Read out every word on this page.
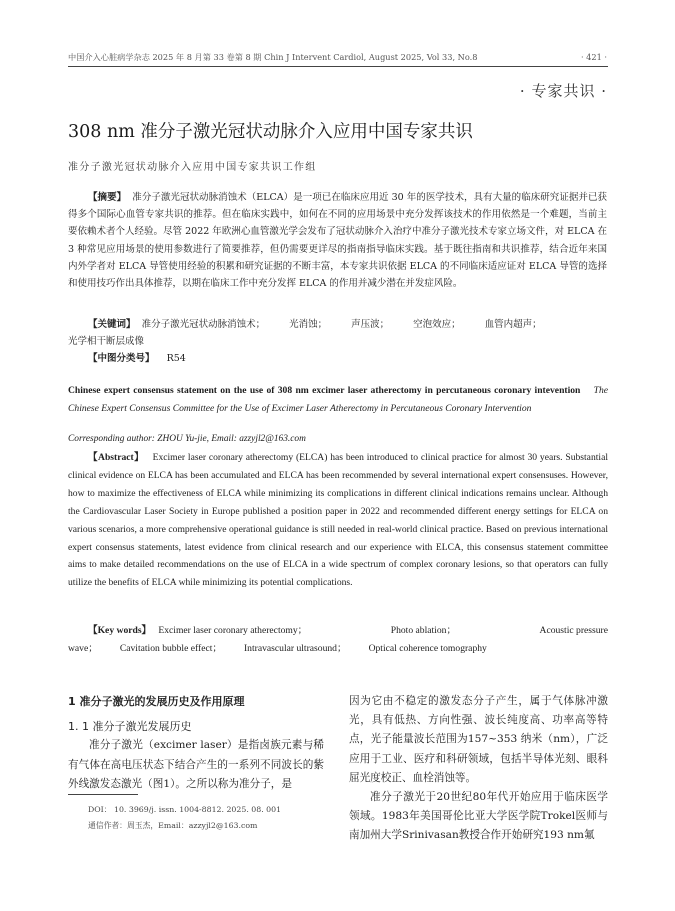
中国介入心脏病学杂志 2025 年 8 月第 33 卷第 8 期 Chin J Intervent Cardiol, August 2025, Vol 33, No.8	· 421 ·
· 专家共识 ·
308 nm 准分子激光冠状动脉介入应用中国专家共识
准分子激光冠状动脉介入应用中国专家共识工作组
【摘要】 准分子激光冠状动脉消蚀术（ELCA）是一项已在临床应用近 30 年的医学技术，具有大量的临床研究证据并已获得多个国际心血管专家共识的推荐。但在临床实践中，如何在不同的应用场景中充分发挥该技术的作用依然是一个难题，当前主要依赖术者个人经验。尽管 2022 年欧洲心血管激光学会发布了冠状动脉介入治疗中准分子激光技术专家立场文件，对 ELCA 在 3 种常见应用场景的使用参数进行了简要推荐，但仍需要更详尽的指南指导临床实践。基于既往指南和共识推荐，结合近年来国内外学者对 ELCA 导管使用经验的积累和研究证据的不断丰富，本专家共识依据 ELCA 的不同临床适应证对 ELCA 导管的选择和使用技巧作出具体推荐，以期在临床工作中充分发挥 ELCA 的作用并减少潜在并发症风险。
【关键词】 准分子激光冠状动脉消蚀术；	光消蚀；	声压波；	空泡效应；	血管内超声；
光学相干断层成像
【中图分类号】 R54
Chinese expert consensus statement on the use of 308 nm excimer laser atherectomy in percutaneous coronary intevention The Chinese Expert Consensus Committee for the Use of Excimer Laser Atherectomy in Percutaneous Coronary Intervention
Corresponding author: ZHOU Yu-jie, Email: azzyjl2@163.com
【Abstract】 Excimer laser coronary atherectomy (ELCA) has been introduced to clinical practice for almost 30 years. Substantial clinical evidence on ELCA has been accumulated and ELCA has been recommended by several international expert consensuses. However, how to maximize the effectiveness of ELCA while minimizing its complications in different clinical indications remains unclear. Although the Cardiovascular Laser Society in Europe published a position paper in 2022 and recommended different energy settings for ELCA on various scenarios, a more comprehensive operational guidance is still needed in real-world clinical practice. Based on previous international expert consensus statements, latest evidence from clinical research and our experience with ELCA, this consensus statement committee aims to make detailed recommendations on the use of ELCA in a wide spectrum of complex coronary lesions, so that operators can fully utilize the benefits of ELCA while minimizing its potential complications.
【Key words】 Excimer laser coronary atherectomy；	Photo ablation；	Acoustic pressure
wave； Cavitation bubble effect； Intravascular ultrasound； Optical coherence tomography
1 准分子激光的发展历史及作用原理
1. 1 准分子激光发展历史
准分子激光（excimer laser）是指卤族元素与稀有气体在高电压状态下结合产生的一系列不同波长的紫外线激发态激光（图1）。之所以称为准分子，是
因为它由不稳定的激发态分子产生，属于气体脉冲激光，具有低热、方向性强、波长纯度高、功率高等特点，光子能量波长范围为157~353 纳米（nm），广泛应用于工业、医疗和科研领域，包括半导体光刻、眼科屈光度校正、血栓消蚀等。
准分子激光于20世纪80年代开始应用于临床医学领域。1983年美国哥伦比亚大学医学院Trokel医师与南加州大学Srinivasan教授合作开始研究193 nm氟
DOI： 10. 3969/j. issn. 1004-8812. 2025. 08. 001
通信作者：周玉杰，Email：azzyjl2@163.com
